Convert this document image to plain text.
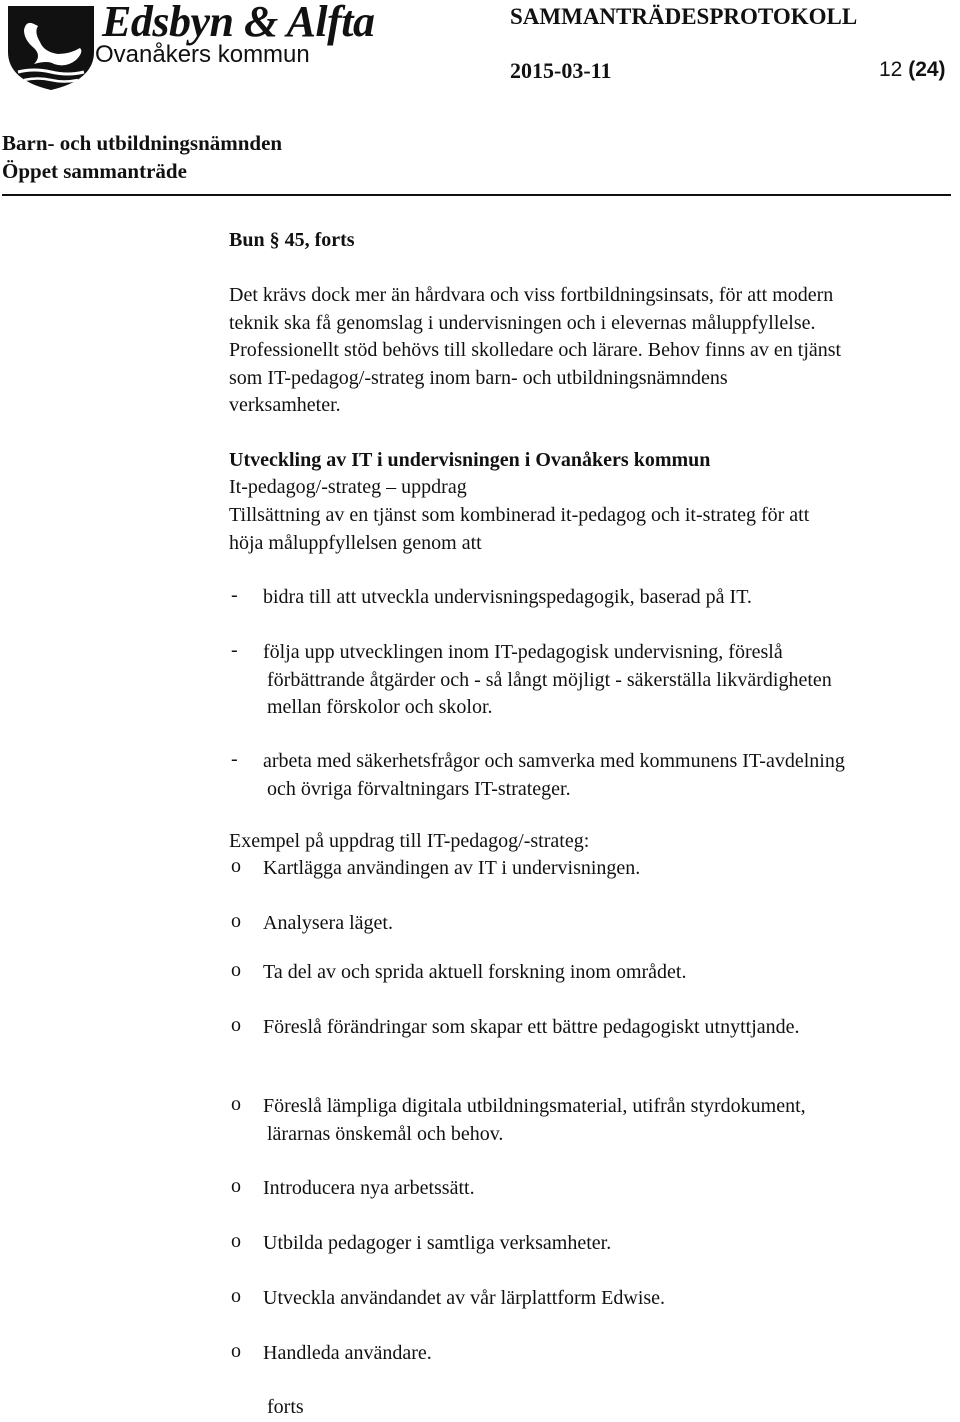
Edsbyn & Alfta
Ovanåkers kommun
SAMMANTRÄDESPROTOKOLL
2015-03-11	12 (24)
Barn- och utbildningsnämnden
Öppet sammanträde
Bun § 45, forts
Det krävs dock mer än hårdvara och viss fortbildningsinsats, för att modern
teknik ska få genomslag i undervisningen och i elevernas måluppfyllelse.
Professionellt stöd behövs till skolledare och lärare. Behov finns av en tjänst
som IT-pedagog/-strateg inom barn- och utbildningsnämndens
verksamheter.
Utveckling av IT i undervisningen i Ovanåkers kommun
It-pedagog/-strateg – uppdrag
Tillsättning av en tjänst som kombinerad it-pedagog och it-strateg för att
höja måluppfyllelsen genom att
- bidra till att utveckla undervisningspedagogik, baserad på IT.
- följa upp utvecklingen inom IT-pedagogisk undervisning, föreslå
förbättrande åtgärder och - så långt möjligt - säkerställa likvärdigheten
mellan förskolor och skolor.
- arbeta med säkerhetsfrågor och samverka med kommunens IT-avdelning
och övriga förvaltningars IT-strateger.
Exempel på uppdrag till IT-pedagog/-strateg:
o Kartlägga användingen av IT i undervisningen.
o Analysera läget.
o Ta del av och sprida aktuell forskning inom området.
o Föreslå förändringar som skapar ett bättre pedagogiskt utnyttjande.
o Föreslå lämpliga digitala utbildningsmaterial, utifrån styrdokument,
lärarnas önskemål och behov.
o Introducera nya arbetssätt.
o Utbilda pedagoger i samtliga verksamheter.
o Utveckla användandet av vår lärplattform Edwise.
o Handleda användare.
forts
